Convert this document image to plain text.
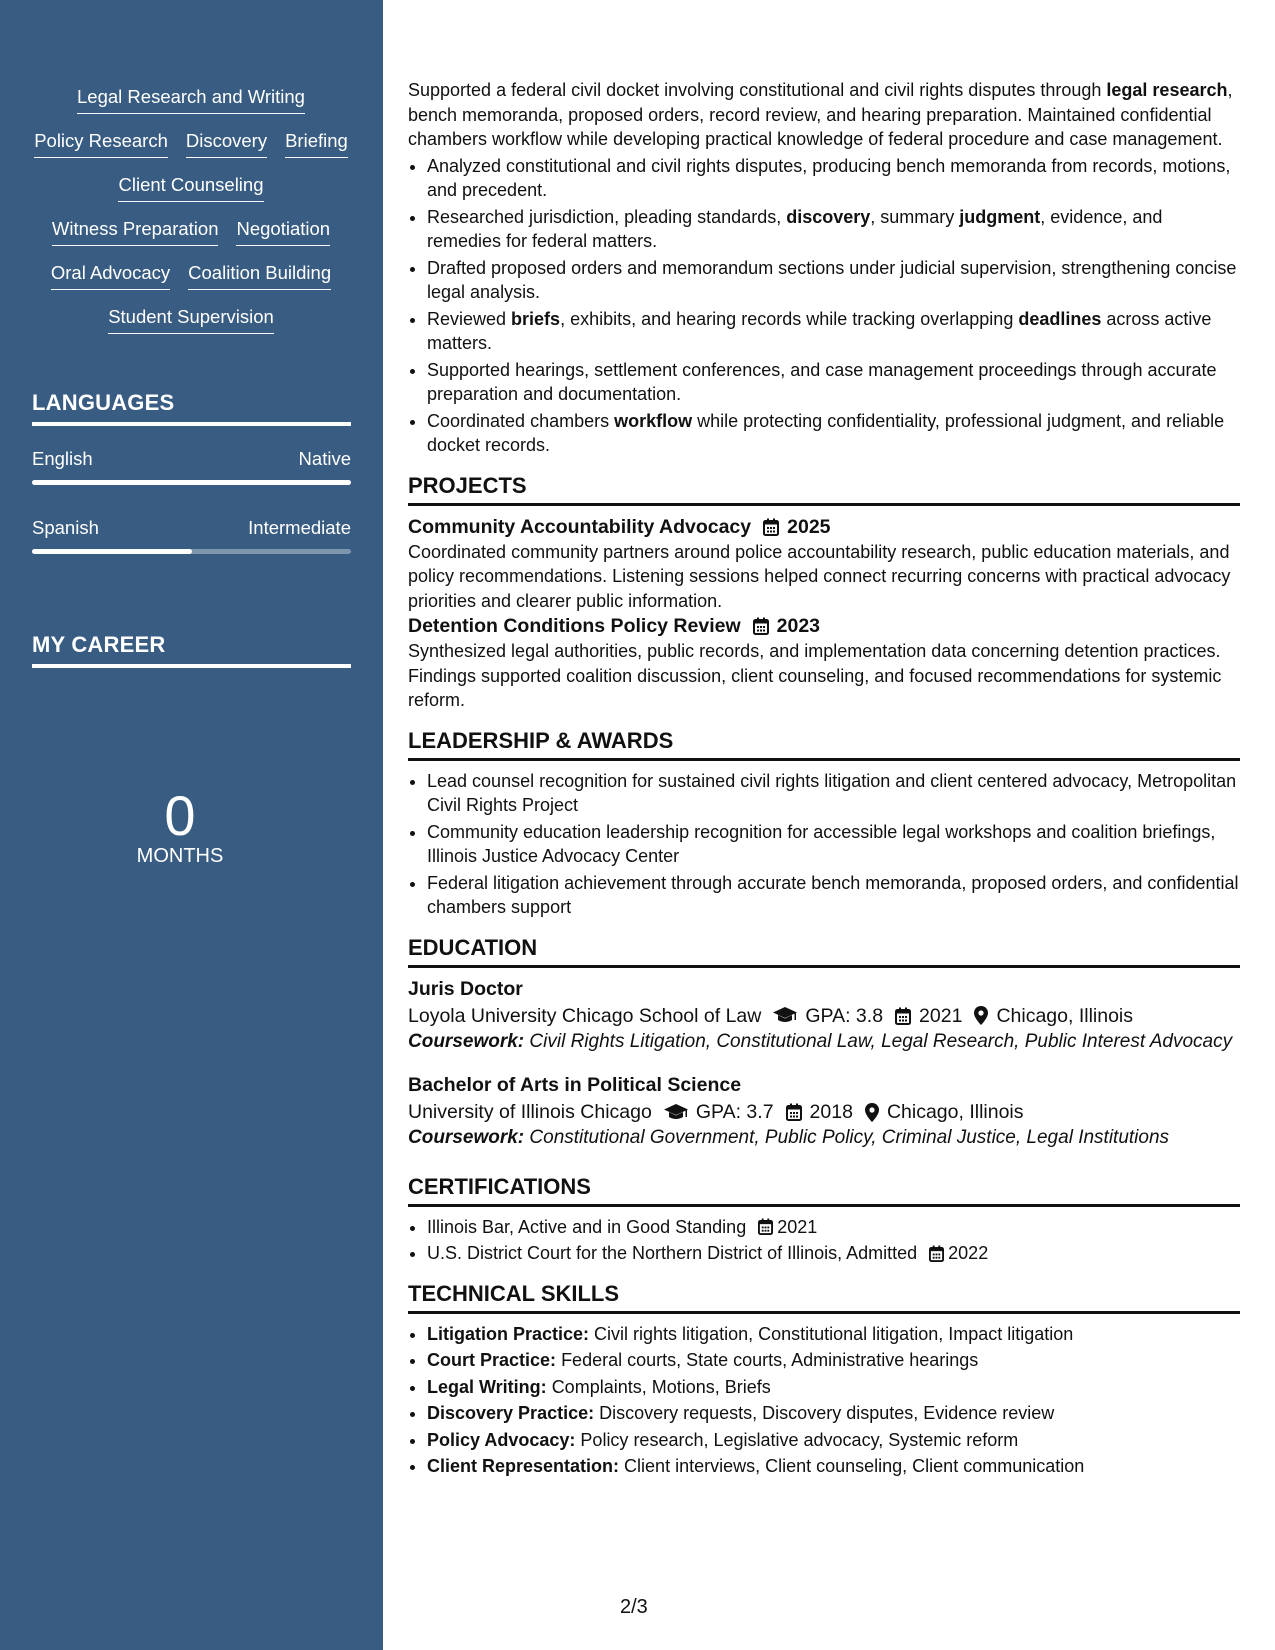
Legal Research and Writing
Policy Research Discovery Briefing
Client Counseling
Witness Preparation Negotiation
Oral Advocacy Coalition Building
Student Supervision
LANGUAGES
English	Native
Spanish	Intermediate
MY CAREER
0
MONTHS

Supported a federal civil docket involving constitutional and civil rights disputes through legal research, bench memoranda, proposed orders, record review, and hearing preparation. Maintained confidential chambers workflow while developing practical knowledge of federal procedure and case management.

• Analyzed constitutional and civil rights disputes, producing bench memoranda from records, motions, and precedent.
• Researched jurisdiction, pleading standards, discovery, summary judgment, evidence, and remedies for federal matters.
• Drafted proposed orders and memorandum sections under judicial supervision, strengthening concise legal analysis.
• Reviewed briefs, exhibits, and hearing records while tracking overlapping deadlines across active matters.
• Supported hearings, settlement conferences, and case management proceedings through accurate preparation and documentation.
• Coordinated chambers workflow while protecting confidentiality, professional judgment, and reliable docket records.
PROJECTS
Community Accountability Advocacy 2025

Coordinated community partners around police accountability research, public education materials, and policy recommendations. Listening sessions helped connect recurring concerns with practical advocacy priorities and clearer public information.

Detention Conditions Policy Review 2023

Synthesized legal authorities, public records, and implementation data concerning detention practices. Findings supported coalition discussion, client counseling, and focused recommendations for systemic reform.

LEADERSHIP & AWARDS
• Lead counsel recognition for sustained civil rights litigation and client centered advocacy, Metropolitan Civil Rights Project
• Community education leadership recognition for accessible legal workshops and coalition briefings, Illinois Justice Advocacy Center
• Federal litigation achievement through accurate bench memoranda, proposed orders, and confidential chambers support
EDUCATION
Juris Doctor
Loyola University Chicago School of Law GPA: 3.8 2021 Chicago, Illinois

Coursework: Civil Rights Litigation, Constitutional Law, Legal Research, Public Interest Advocacy

Bachelor of Arts in Political Science
University of Illinois Chicago GPA: 3.7 2018 Chicago, Illinois

Coursework: Constitutional Government, Public Policy, Criminal Justice, Legal Institutions

CERTIFICATIONS
• Illinois Bar, Active and in Good Standing 2021
• U.S. District Court for the Northern District of Illinois, Admitted 2022
TECHNICAL SKILLS
• Litigation Practice: Civil rights litigation, Constitutional litigation, Impact litigation
• Court Practice: Federal courts, State courts, Administrative hearings
• Legal Writing: Complaints, Motions, Briefs
• Discovery Practice: Discovery requests, Discovery disputes, Evidence review
• Policy Advocacy: Policy research, Legislative advocacy, Systemic reform
• Client Representation: Client interviews, Client counseling, Client communication
2/3
